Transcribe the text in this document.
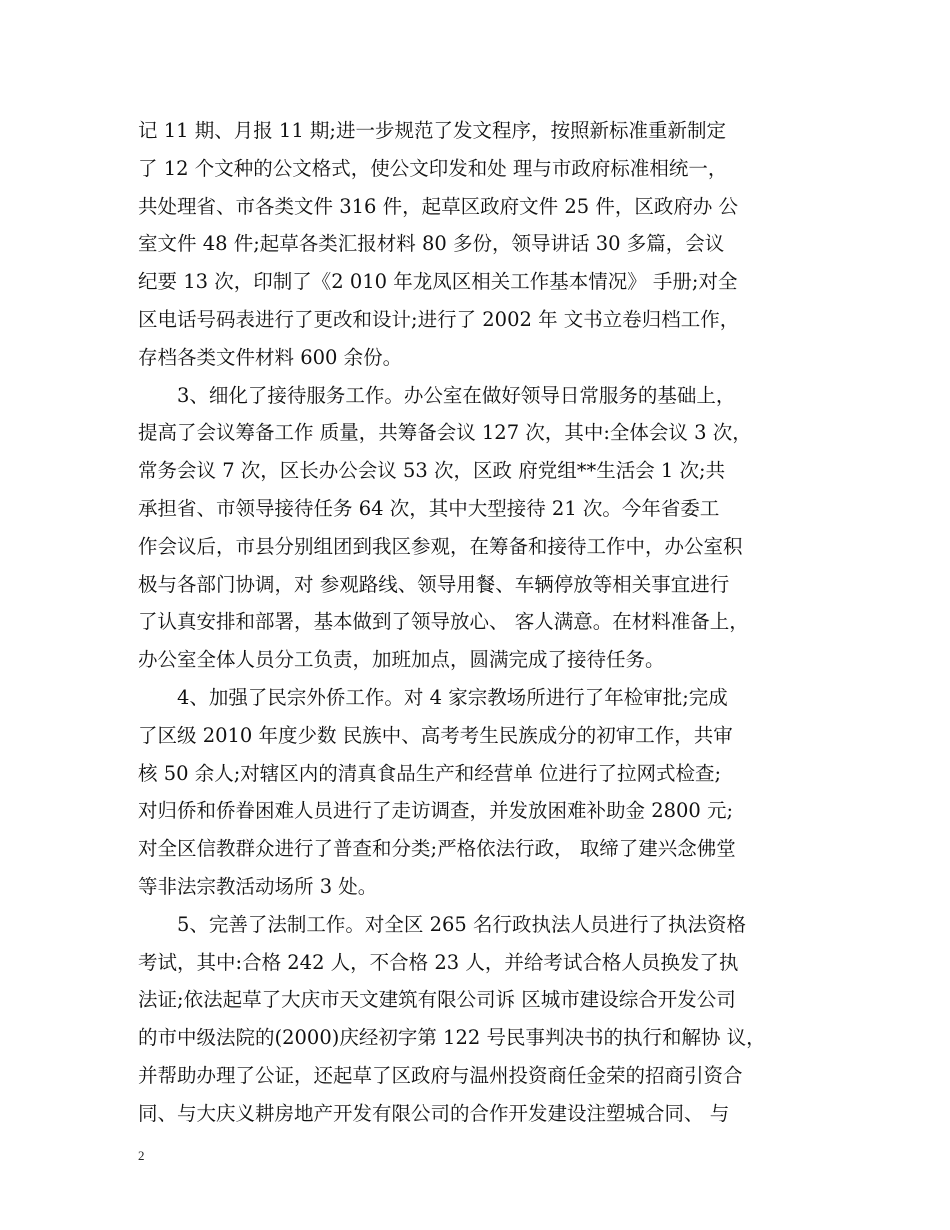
记 11 期、月报 11 期;进一步规范了发文程序，按照新标准重新制定
了 12 个文种的公文格式，使公文印发和处 理与市政府标准相统一，
共处理省、市各类文件 316 件，起草区政府文件 25 件，区政府办 公
室文件 48 件;起草各类汇报材料 80 多份，领导讲话 30 多篇，会议
纪要 13 次，印制了《2 010 年龙凤区相关工作基本情况》 手册;对全
区电话号码表进行了更改和设计;进行了 2002 年 文书立卷归档工作，
存档各类文件材料 600 余份。
3、细化了接待服务工作。办公室在做好领导日常服务的基础上，
提高了会议筹备工作 质量，共筹备会议 127 次，其中:全体会议 3 次，
常务会议 7 次，区长办公会议 53 次，区政 府党组**生活会 1 次;共
承担省、市领导接待任务 64 次，其中大型接待 21 次。今年省委工
作会议后，市县分别组团到我区参观，在筹备和接待工作中，办公室积
极与各部门协调，对 参观路线、领导用餐、车辆停放等相关事宜进行
了认真安排和部署，基本做到了领导放心、 客人满意。在材料准备上，
办公室全体人员分工负责，加班加点，圆满完成了接待任务。
4、加强了民宗外侨工作。对 4 家宗教场所进行了年检审批;完成
了区级 2010 年度少数 民族中、高考考生民族成分的初审工作，共审
核 50 余人;对辖区内的清真食品生产和经营单 位进行了拉网式检查;
对归侨和侨眷困难人员进行了走访调查，并发放困难补助金 2800 元;
对全区信教群众进行了普查和分类;严格依法行政， 取缔了建兴念佛堂
等非法宗教活动场所 3 处。
5、完善了法制工作。对全区 265 名行政执法人员进行了执法资格
考试，其中:合格 242 人，不合格 23 人，并给考试合格人员换发了执
法证;依法起草了大庆市天文建筑有限公司诉 区城市建设综合开发公司
的市中级法院的(2000)庆经初字第 122 号民事判决书的执行和解协 议，
并帮助办理了公证，还起草了区政府与温州投资商任金荣的招商引资合
同、与大庆义耕房地产开发有限公司的合作开发建设注塑城合同、 与
2
